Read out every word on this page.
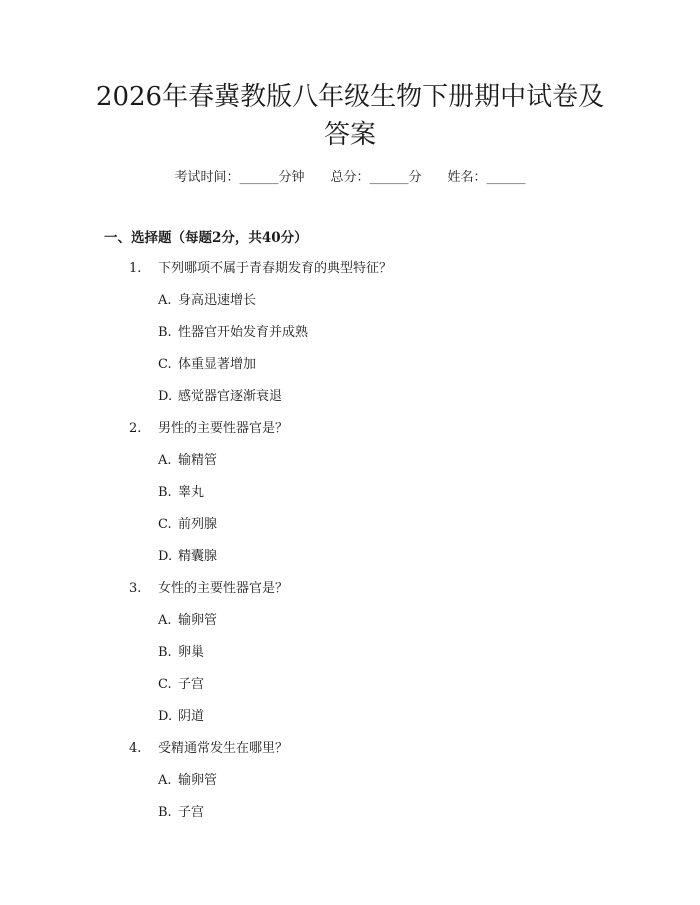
2026年春冀教版八年级生物下册期中试卷及
答案
考试时间：______分钟 总分：______分 姓名：______
一、选择题（每题2分，共40分）
1. 下列哪项不属于青春期发育的典型特征？
A. 身高迅速增长
B. 性器官开始发育并成熟
C. 体重显著增加
D. 感觉器官逐渐衰退
2. 男性的主要性器官是？
A. 输精管
B. 睾丸
C. 前列腺
D. 精囊腺
3. 女性的主要性器官是？
A. 输卵管
B. 卵巢
C. 子宫
D. 阴道
4. 受精通常发生在哪里？
A. 输卵管
B. 子宫
